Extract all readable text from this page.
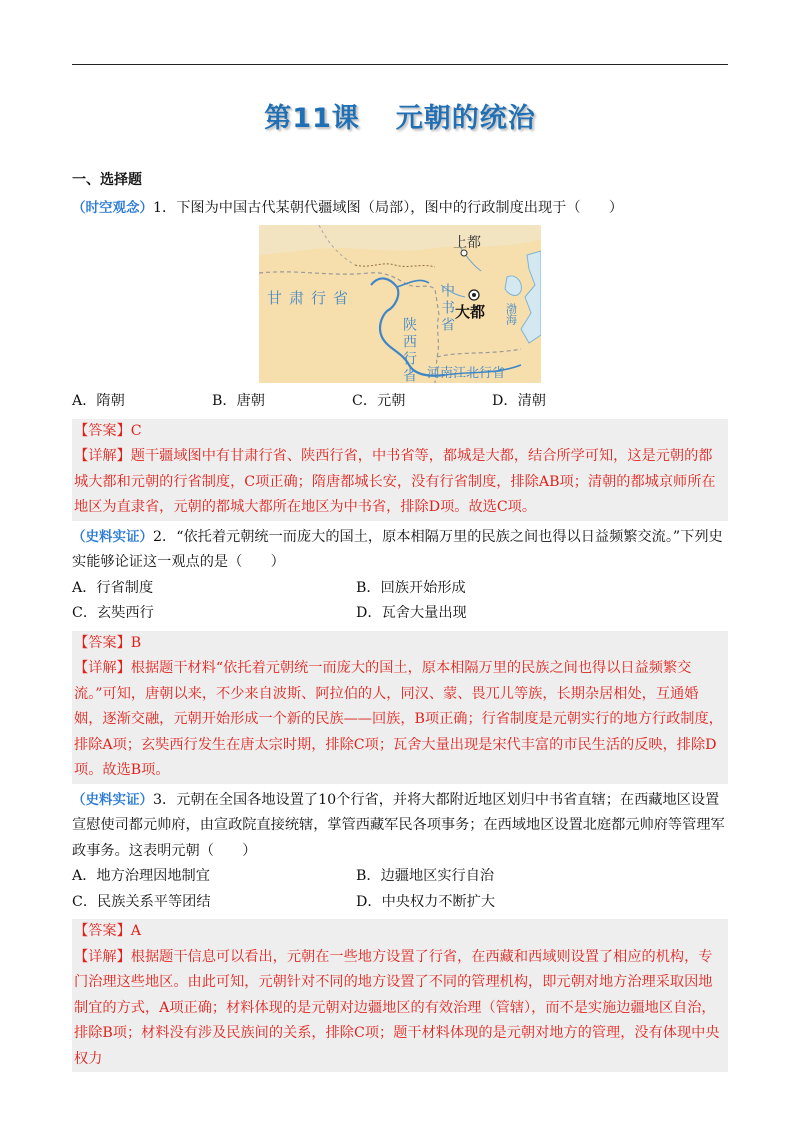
第11课 元朝的统治
一、选择题

（时空观念）1．下图为中国古代某朝代疆域图（局部），图中的行政制度出现于（　　）

上都
大都
甘肃行省
陕西行省
中书省
河南江北行省
渤海
A．隋朝	B．唐朝	C．元朝	D．清朝

【答案】C

【详解】题干疆域图中有甘肃行省、陕西行省，中书省等，都城是大都，结合所学可知，这是元朝的都城大都和元朝的行省制度，C项正确；隋唐都城长安，没有行省制度，排除AB项；清朝的都城京师所在地区为直隶省，元朝的都城大都所在地区为中书省，排除D项。故选C项。

（史料实证）2．“依托着元朝统一而庞大的国土，原本相隔万里的民族之间也得以日益频繁交流。”下列史实能够论证这一观点的是（　　）

A．行省制度	B．回族开始形成
C．玄奘西行	D．瓦舍大量出现

【答案】B

【详解】根据题干材料“依托着元朝统一而庞大的国土，原本相隔万里的民族之间也得以日益频繁交流。”可知，唐朝以来，不少来自波斯、阿拉伯的人，同汉、蒙、畏兀儿等族，长期杂居相处，互通婚姻，逐渐交融，元朝开始形成一个新的民族——回族，B项正确；行省制度是元朝实行的地方行政制度，排除A项；玄奘西行发生在唐太宗时期，排除C项；瓦舍大量出现是宋代丰富的市民生活的反映，排除D项。故选B项。

（史料实证）3．元朝在全国各地设置了10个行省，并将大都附近地区划归中书省直辖；在西藏地区设置宣慰使司都元帅府，由宣政院直接统辖，掌管西藏军民各项事务；在西域地区设置北庭都元帅府等管理军政事务。这表明元朝（　　）

A．地方治理因地制宜	B．边疆地区实行自治
C．民族关系平等团结	D．中央权力不断扩大

【答案】A

【详解】根据题干信息可以看出，元朝在一些地方设置了行省，在西藏和西域则设置了相应的机构，专门治理这些地区。由此可知，元朝针对不同的地方设置了不同的管理机构，即元朝对地方治理采取因地制宜的方式，A项正确；材料体现的是元朝对边疆地区的有效治理（管辖），而不是实施边疆地区自治，排除B项；材料没有涉及民族间的关系，排除C项；题干材料体现的是元朝对地方的管理，没有体现中央权力
